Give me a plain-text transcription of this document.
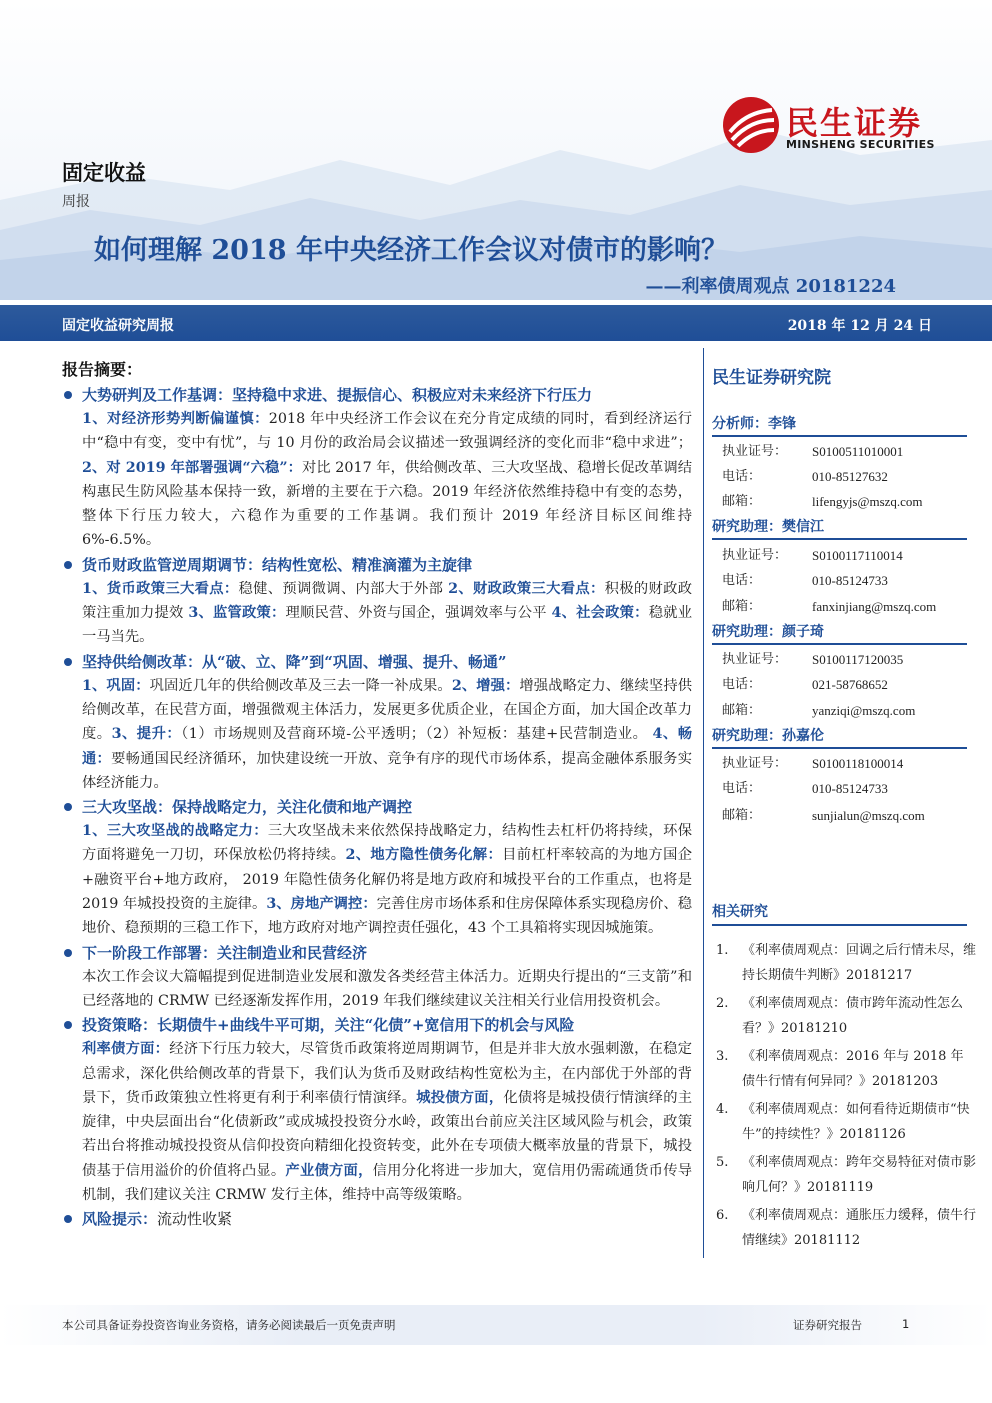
民生证券
MINSHENG SECURITIES
固定收益
周报
如何理解 2018 年中央经济工作会议对债市的影响？
——利率债周观点 20181224
固定收益研究周报	2018 年 12 月 24 日
报告摘要：
大势研判及工作基调：坚持稳中求进、提振信心、积极应对未来经济下行压力
1、对经济形势判断偏谨慎：2018 年中央经济工作会议在充分肯定成绩的同时，看到经济运行中“稳中有变，变中有忧”，与 10 月份的政治局会议描述一致强调经济的变化而非“稳中求进”；2、对 2019 年部署强调“六稳”：对比 2017 年，供给侧改革、三大攻坚战、稳增长促改革调结构惠民生防风险基本保持一致，新增的主要在于六稳。2019 年经济依然维持稳中有变的态势，整体下行压力较大，六稳作为重要的工作基调。我们预计 2019 年经济目标区间维持 6%-6.5%。
货币财政监管逆周期调节：结构性宽松、精准滴灌为主旋律
1、货币政策三大看点：稳健、预调微调、内部大于外部 2、财政政策三大看点：积极的财政政策注重加力提效 3、监管政策：理顺民营、外资与国企，强调效率与公平 4、社会政策：稳就业一马当先。
坚持供给侧改革：从“破、立、降”到“巩固、增强、提升、畅通”
1、巩固：巩固近几年的供给侧改革及三去一降一补成果。2、增强：增强战略定力、继续坚持供给侧改革，在民营方面，增强微观主体活力，发展更多优质企业，在国企方面，加大国企改革力度。3、提升：（1）市场规则及营商环境-公平透明；（2）补短板：基建+民营制造业。 4、畅通：要畅通国民经济循环，加快建设统一开放、竞争有序的现代市场体系，提高金融体系服务实体经济能力。
三大攻坚战：保持战略定力，关注化债和地产调控
1、三大攻坚战的战略定力：三大攻坚战未来依然保持战略定力，结构性去杠杆仍将持续，环保方面将避免一刀切，环保放松仍将持续。2、地方隐性债务化解：目前杠杆率较高的为地方国企+融资平台+地方政府， 2019 年隐性债务化解仍将是地方政府和城投平台的工作重点，也将是 2019 年城投投资的主旋律。3、房地产调控：完善住房市场体系和住房保障体系实现稳房价、稳地价、稳预期的三稳工作下，地方政府对地产调控责任强化，43 个工具箱将实现因城施策。
下一阶段工作部署：关注制造业和民营经济
本次工作会议大篇幅提到促进制造业发展和激发各类经营主体活力。近期央行提出的“三支箭”和已经落地的 CRMW 已经逐渐发挥作用，2019 年我们继续建议关注相关行业信用投资机会。
投资策略：长期债牛+曲线牛平可期，关注“化债”+宽信用下的机会与风险
利率债方面：经济下行压力较大，尽管货币政策将逆周期调节，但是并非大放水强刺激，在稳定总需求，深化供给侧改革的背景下，我们认为货币及财政结构性宽松为主，在内部优于外部的背景下，货币政策独立性将更有利于利率债行情演绎。城投债方面，化债将是城投债行情演绎的主旋律，中央层面出台“化债新政”或成城投投资分水岭，政策出台前应关注区域风险与机会，政策若出台将推动城投投资从信仰投资向精细化投资转变，此外在专项债大概率放量的背景下，城投债基于信用溢价的价值将凸显。产业债方面，信用分化将进一步加大，宽信用仍需疏通货币传导机制，我们建议关注 CRMW 发行主体，维持中高等级策略。
风险提示：流动性收紧
民生证券研究院
分析师：李锋
执业证号： S0100511010001
电话：	010-85127632
邮箱：	lifengyjs@mszq.com
研究助理：樊信江
执业证号： S0100117110014
电话：	010-85124733
邮箱：	fanxinjiang@mszq.com
研究助理：颜子琦
执业证号： S0100117120035
电话：	021-58768652
邮箱：	yanziqi@mszq.com
研究助理：孙嘉伦
执业证号： S0100118100014
电话：	010-85124733
邮箱：	sunjialun@mszq.com
相关研究
1. 《利率债周观点：回调之后行情未尽，维持长期债牛判断》20181217
2. 《利率债周观点：债市跨年流动性怎么看？》20181210
3. 《利率债周观点：2016 年与 2018 年债牛行情有何异同？》20181203
4. 《利率债周观点：如何看待近期债市“快牛”的持续性？》20181126
5. 《利率债周观点：跨年交易特征对债市影响几何？》20181119
6. 《利率债周观点：通胀压力缓释，债牛行情继续》20181112
本公司具备证券投资咨询业务资格，请务必阅读最后一页免责声明	证券研究报告	1
